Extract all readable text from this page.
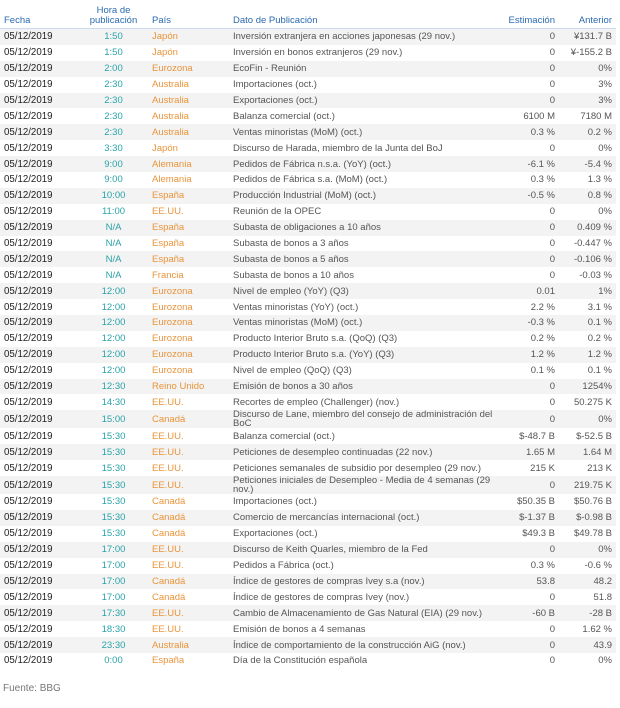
Fecha	Hora de publicación	País	Dato de Publicación	Estimación	Anterior
05/12/2019	1:50	Japón	Inversión extranjera en acciones japonesas (29 nov.)	0	¥131.7 B
05/12/2019	1:50	Japón	Inversión en bonos extranjeros (29 nov.)	0	¥-155.2 B
05/12/2019	2:00	Eurozona	EcoFin - Reunión	0	0%
05/12/2019	2:30	Australia	Importaciones (oct.)	0	3%
05/12/2019	2:30	Australia	Exportaciones (oct.)	0	3%
05/12/2019	2:30	Australia	Balanza comercial (oct.)	6100 M	7180 M
05/12/2019	2:30	Australia	Ventas minoristas (MoM) (oct.)	0.3 %	0.2 %
05/12/2019	3:30	Japón	Discurso de Harada, miembro de la Junta del BoJ	0	0%
05/12/2019	9:00	Alemania	Pedidos de Fábrica n.s.a. (YoY) (oct.)	-6.1 %	-5.4 %
05/12/2019	9:00	Alemania	Pedidos de Fábrica s.a. (MoM) (oct.)	0.3 %	1.3 %
05/12/2019	10:00	España	Producción Industrial (MoM) (oct.)	-0.5 %	0.8 %
05/12/2019	11:00	EE.UU.	Reunión de la OPEC	0	0%
05/12/2019	N/A	España	Subasta de obligaciones a 10 años	0	0.409 %
05/12/2019	N/A	España	Subasta de bonos a 3 años	0	-0.447 %
05/12/2019	N/A	España	Subasta de bonos a 5 años	0	-0.106 %
05/12/2019	N/A	Francia	Subasta de bonos a 10 años	0	-0.03 %
05/12/2019	12:00	Eurozona	Nivel de empleo (YoY) (Q3)	0.01	1%
05/12/2019	12:00	Eurozona	Ventas minoristas (YoY) (oct.)	2.2 %	3.1 %
05/12/2019	12:00	Eurozona	Ventas minoristas (MoM) (oct.)	-0.3 %	0.1 %
05/12/2019	12:00	Eurozona	Producto Interior Bruto s.a. (QoQ) (Q3)	0.2 %	0.2 %
05/12/2019	12:00	Eurozona	Producto Interior Bruto s.a. (YoY) (Q3)	1.2 %	1.2 %
05/12/2019	12:00	Eurozona	Nivel de empleo (QoQ) (Q3)	0.1 %	0.1 %
05/12/2019	12:30	Reino Unido	Emisión de bonos a 30 años	0	1254%
05/12/2019	14:30	EE.UU.	Recortes de empleo (Challenger) (nov.)	0	50.275 K
05/12/2019	15:00	Canadá	Discurso de Lane, miembro del consejo de administración del BoC	0	0%
05/12/2019	15:30	EE.UU.	Balanza comercial (oct.)	$-48.7 B	$-52.5 B
05/12/2019	15:30	EE.UU.	Peticiones de desempleo continuadas (22 nov.)	1.65 M	1.64 M
05/12/2019	15:30	EE.UU.	Peticiones semanales de subsidio por desempleo (29 nov.)	215 K	213 K
05/12/2019	15:30	EE.UU.	Peticiones iniciales de Desempleo - Media de 4 semanas (29 nov.)	0	219.75 K
05/12/2019	15:30	Canadá	Importaciones (oct.)	$50.35 B	$50.76 B
05/12/2019	15:30	Canadá	Comercio de mercancías internacional (oct.)	$-1.37 B	$-0.98 B
05/12/2019	15:30	Canadá	Exportaciones (oct.)	$49.3 B	$49.78 B
05/12/2019	17:00	EE.UU.	Discurso de Keith Quarles, miembro de la Fed	0	0%
05/12/2019	17:00	EE.UU.	Pedidos a Fábrica (oct.)	0.3 %	-0.6 %
05/12/2019	17:00	Canadá	Índice de gestores de compras Ivey s.a (nov.)	53.8	48.2
05/12/2019	17:00	Canadá	Índice de gestores de compras Ivey (nov.)	0	51.8
05/12/2019	17:30	EE.UU.	Cambio de Almacenamiento de Gas Natural (EIA) (29 nov.)	-60 B	-28 B
05/12/2019	18:30	EE.UU.	Emisión de bonos a 4 semanas	0	1.62 %
05/12/2019	23:30	Australia	Índice de comportamiento de la construcción AiG (nov.)	0	43.9
05/12/2019	0:00	España	Día de la Constitución española	0	0%
Fuente: BBG
